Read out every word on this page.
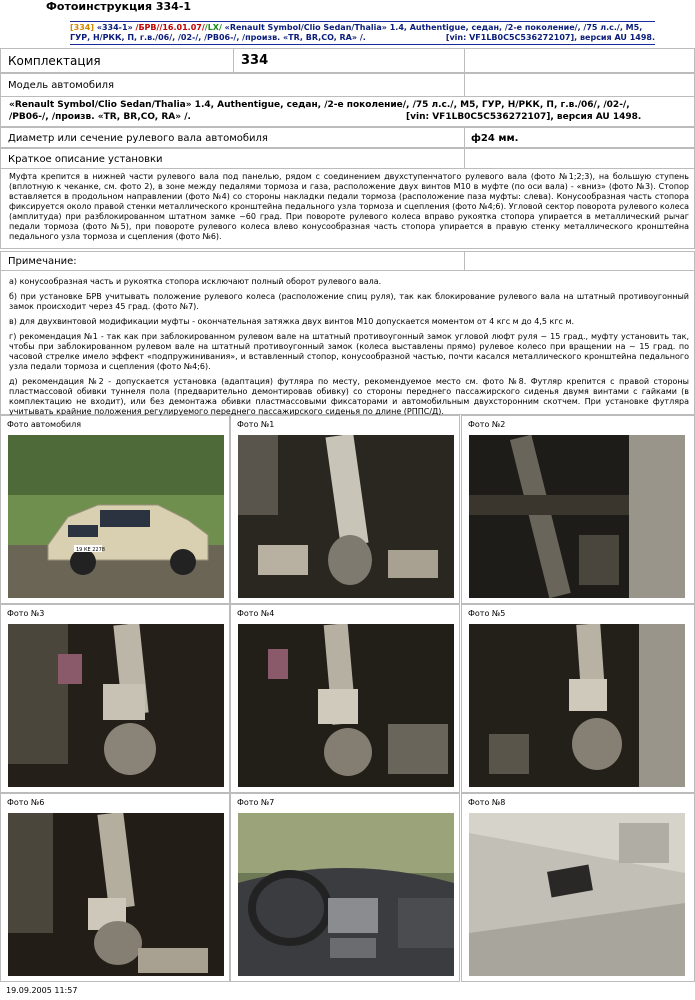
Фотоинструкция 334-1
[334] «334-1» /БРВ//16.01.07//LX/ «Renault Symbol/Clio Sedan/Thalia» 1.4, Authentigue, седан, /2-е поколение/, /75 л.с./, М5, ГУР, Н/РКК, П, г.в./06/, /02-/, /РВ06-/, /произв. «TR, BR,CO, RA» /.	[vin: VF1LB0C5C536272107], версия AU 1498.
Комплектация	334
Модель автомобиля
«Renault Symbol/Clio Sedan/Thalia» 1.4, Authentigue, седан, /2-е поколение/, /75 л.с./, М5, ГУР, Н/РКК, П, г.в./06/, /02-/,
/РВ06-/, /произв. «TR, BR,CO, RA» /.	[vin: VF1LB0C5C536272107], версия AU 1498.
Диаметр или сечение рулевого вала автомобиля	ф24 мм.
Краткое описание установки
Муфта крепится в нижней части рулевого вала под панелью, рядом с соединением двухступенчатого рулевого вала (фото №1;2;3), на большую ступень (вплотную к чеканке, см. фото 2), в зоне между педалями тормоза и газа, расположение двух винтов М10 в муфте (по оси вала) - «вниз» (фото №3). Стопор вставляется в продольном направлении (фото №4) со стороны накладки педали тормоза (расположение паза муфты: слева). Конусообразная часть стопора фиксируется около правой стенки металлического кронштейна педального узла тормоза и сцепления (фото №4;6). Угловой сектор поворота рулевого колеса (амплитуда) при разблокированном штатном замке ~60 град. При повороте рулевого колеса вправо рукоятка стопора упирается в металлический рычаг педали тормоза (фото №5), при повороте рулевого колеса влево конусообразная часть стопора упирается в правую стенку металлического кронштейна педального узла тормоза и сцепления (фото №6).
Примечание:

а) конусообразная часть и рукоятка стопора исключают полный оборот рулевого вала.

б) при установке БРВ учитывать положение рулевого колеса (расположение спиц руля), так как блокирование рулевого вала на штатный противоугонный замок происходит через 45 град. (фото №7).

в) для двухвинтовой модификации муфты - окончательная затяжка двух винтов М10 допускается моментом от 4 кгс м до 4,5 кгс м.

г) рекомендация №1 - так как при заблокированном рулевом вале на штатный противоугонный замок угловой люфт руля ~ 15 град., муфту установить так, чтобы при заблокированном рулевом вале на штатный противоугонный замок (колеса выставлены прямо) рулевое колесо при вращении на ~ 15 град. по часовой стрелке имело эффект «подпружинивания», и вставленный стопор, конусообразной частью, почти касался металлического кронштейна педального узла педали тормоза и сцепления (фото №4;6).

д) рекомендация №2 - допускается установка (адаптация) футляра по месту, рекомендуемое место см. фото №8. Футляр крепится с правой стороны пластмассовой обивки туннеля пола (предварительно демонтировав обивку) со стороны переднего пассажирского сиденья двумя винтами с гайками (в комплектацию не входит), или без демонтажа обивки пластмассовыми фиксаторами и автомобильным двухсторонним скотчем. При установке футляра учитывать крайние положения регулируемого переднего пассажирского сиденья по длине (РППС/Д).

Фото автомобиля
19 КЕ 2278
Фото №1	Фото №2
Фото №3	Фото №4	Фото №5
Фото №6	Фото №7	Фото №8
19.09.2005 11:57
